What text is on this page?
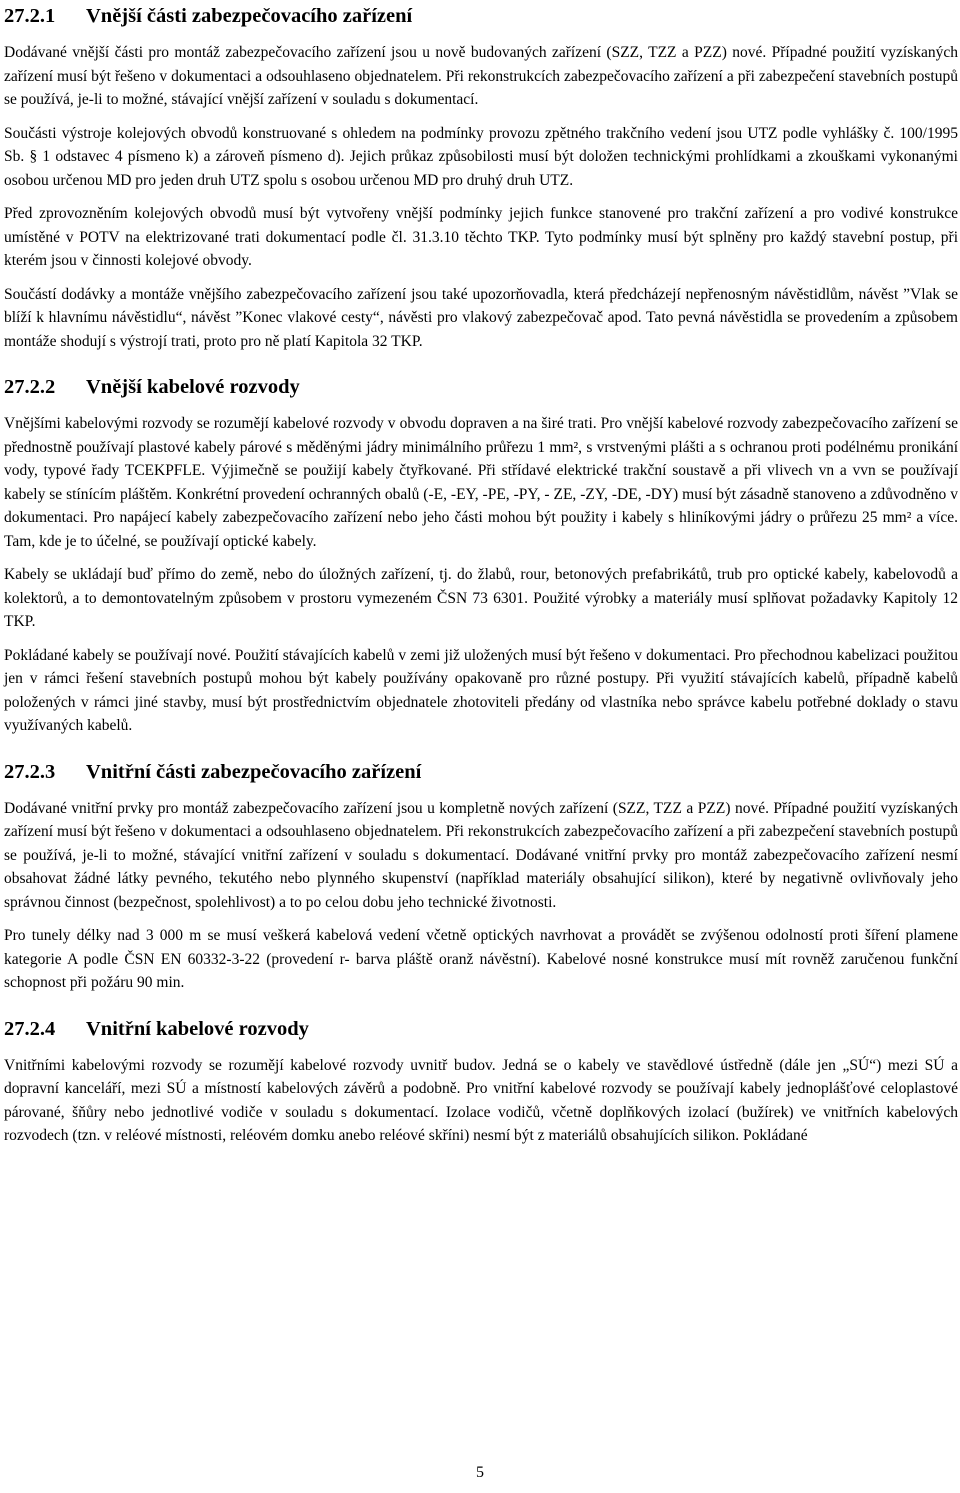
27.2.1 Vnější části zabezpečovacího zařízení

Dodávané vnější části pro montáž zabezpečovacího zařízení jsou u nově budovaných zařízení (SZZ, TZZ a PZZ) nové. Případné použití vyzískaných zařízení musí být řešeno v dokumentaci a odsouhlaseno objednatelem. Při rekonstrukcích zabezpečovacího zařízení a při zabezpečení stavebních postupů se používá, je-li to možné, stávající vnější zařízení v souladu s dokumentací.

Součásti výstroje kolejových obvodů konstruované s ohledem na podmínky provozu zpětného trakčního vedení jsou UTZ podle vyhlášky č. 100/1995 Sb. § 1 odstavec 4 písmeno k) a zároveň písmeno d). Jejich průkaz způsobilosti musí být doložen technickými prohlídkami a zkouškami vykonanými osobou určenou MD pro jeden druh UTZ spolu s osobou určenou MD pro druhý druh UTZ.

Před zprovozněním kolejových obvodů musí být vytvořeny vnější podmínky jejich funkce stanovené pro trakční zařízení a pro vodivé konstrukce umístěné v POTV na elektrizované trati dokumentací podle čl. 31.3.10 těchto TKP. Tyto podmínky musí být splněny pro každý stavební postup, při kterém jsou v činnosti kolejové obvody.

Součástí dodávky a montáže vnějšího zabezpečovacího zařízení jsou také upozorňovadla, která předcházejí nepřenosným návěstidlům, návěst ”Vlak se blíží k hlavnímu návěstidlu“, návěst ”Konec vlakové cesty“, návěsti pro vlakový zabezpečovač apod. Tato pevná návěstidla se provedením a způsobem montáže shodují s výstrojí trati, proto pro ně platí Kapitola 32 TKP.

27.2.2 Vnější kabelové rozvody

Vnějšími kabelovými rozvody se rozumějí kabelové rozvody v obvodu dopraven a na širé trati. Pro vnější kabelové rozvody zabezpečovacího zařízení se přednostně používají plastové kabely párové s měděnými jádry minimálního průřezu 1 mm², s vrstvenými plášti a s ochranou proti podélnému pronikání vody, typové řady TCEKPFLE. Výjimečně se použijí kabely čtyřkované. Při střídavé elektrické trakční soustavě a při vlivech vn a vvn se používají kabely se stínícím pláštěm. Konkrétní provedení ochranných obalů (-E, -EY, -PE, -PY, - ZE, -ZY, -DE, -DY) musí být zásadně stanoveno a zdůvodněno v dokumentaci. Pro napájecí kabely zabezpečovacího zařízení nebo jeho části mohou být použity i kabely s hliníkovými jádry o průřezu 25 mm² a více. Tam, kde je to účelné, se používají optické kabely.

Kabely se ukládají buď přímo do země, nebo do úložných zařízení, tj. do žlabů, rour, betonových prefabrikátů, trub pro optické kabely, kabelovodů a kolektorů, a to demontovatelným způsobem v prostoru vymezeném ČSN 73 6301. Použité výrobky a materiály musí splňovat požadavky Kapitoly 12 TKP.

Pokládané kabely se používají nové. Použití stávajících kabelů v zemi již uložených musí být řešeno v dokumentaci. Pro přechodnou kabelizaci použitou jen v rámci řešení stavebních postupů mohou být kabely používány opakovaně pro různé postupy. Při využití stávajících kabelů, případně kabelů položených v rámci jiné stavby, musí být prostřednictvím objednatele zhotoviteli předány od vlastníka nebo správce kabelu potřebné doklady o stavu využívaných kabelů.

27.2.3 Vnitřní části zabezpečovacího zařízení

Dodávané vnitřní prvky pro montáž zabezpečovacího zařízení jsou u kompletně nových zařízení (SZZ, TZZ a PZZ) nové. Případné použití vyzískaných zařízení musí být řešeno v dokumentaci a odsouhlaseno objednatelem. Při rekonstrukcích zabezpečovacího zařízení a při zabezpečení stavebních postupů se používá, je-li to možné, stávající vnitřní zařízení v souladu s dokumentací. Dodávané vnitřní prvky pro montáž zabezpečovacího zařízení nesmí obsahovat žádné látky pevného, tekutého nebo plynného skupenství (například materiály obsahující silikon), které by negativně ovlivňovaly jeho správnou činnost (bezpečnost, spolehlivost) a to po celou dobu jeho technické životnosti.

Pro tunely délky nad 3 000 m se musí veškerá kabelová vedení včetně optických navrhovat a provádět se zvýšenou odolností proti šíření plamene kategorie A podle ČSN EN 60332-3-22 (provedení r- barva pláště oranž návěstní). Kabelové nosné konstrukce musí mít rovněž zaručenou funkční schopnost při požáru 90 min.

27.2.4 Vnitřní kabelové rozvody

Vnitřními kabelovými rozvody se rozumějí kabelové rozvody uvnitř budov. Jedná se o kabely ve stavědlové ústředně (dále jen „SÚ“) mezi SÚ a dopravní kanceláří, mezi SÚ a místností kabelových závěrů a podobně. Pro vnitřní kabelové rozvody se používají kabely jednoplášťové celoplastové párované, šňůry nebo jednotlivé vodiče v souladu s dokumentací. Izolace vodičů, včetně doplňkových izolací (bužírek) ve vnitřních kabelových rozvodech (tzn. v reléové místnosti, reléovém domku anebo reléové skříni) nesmí být z materiálů obsahujících silikon. Pokládané

5
